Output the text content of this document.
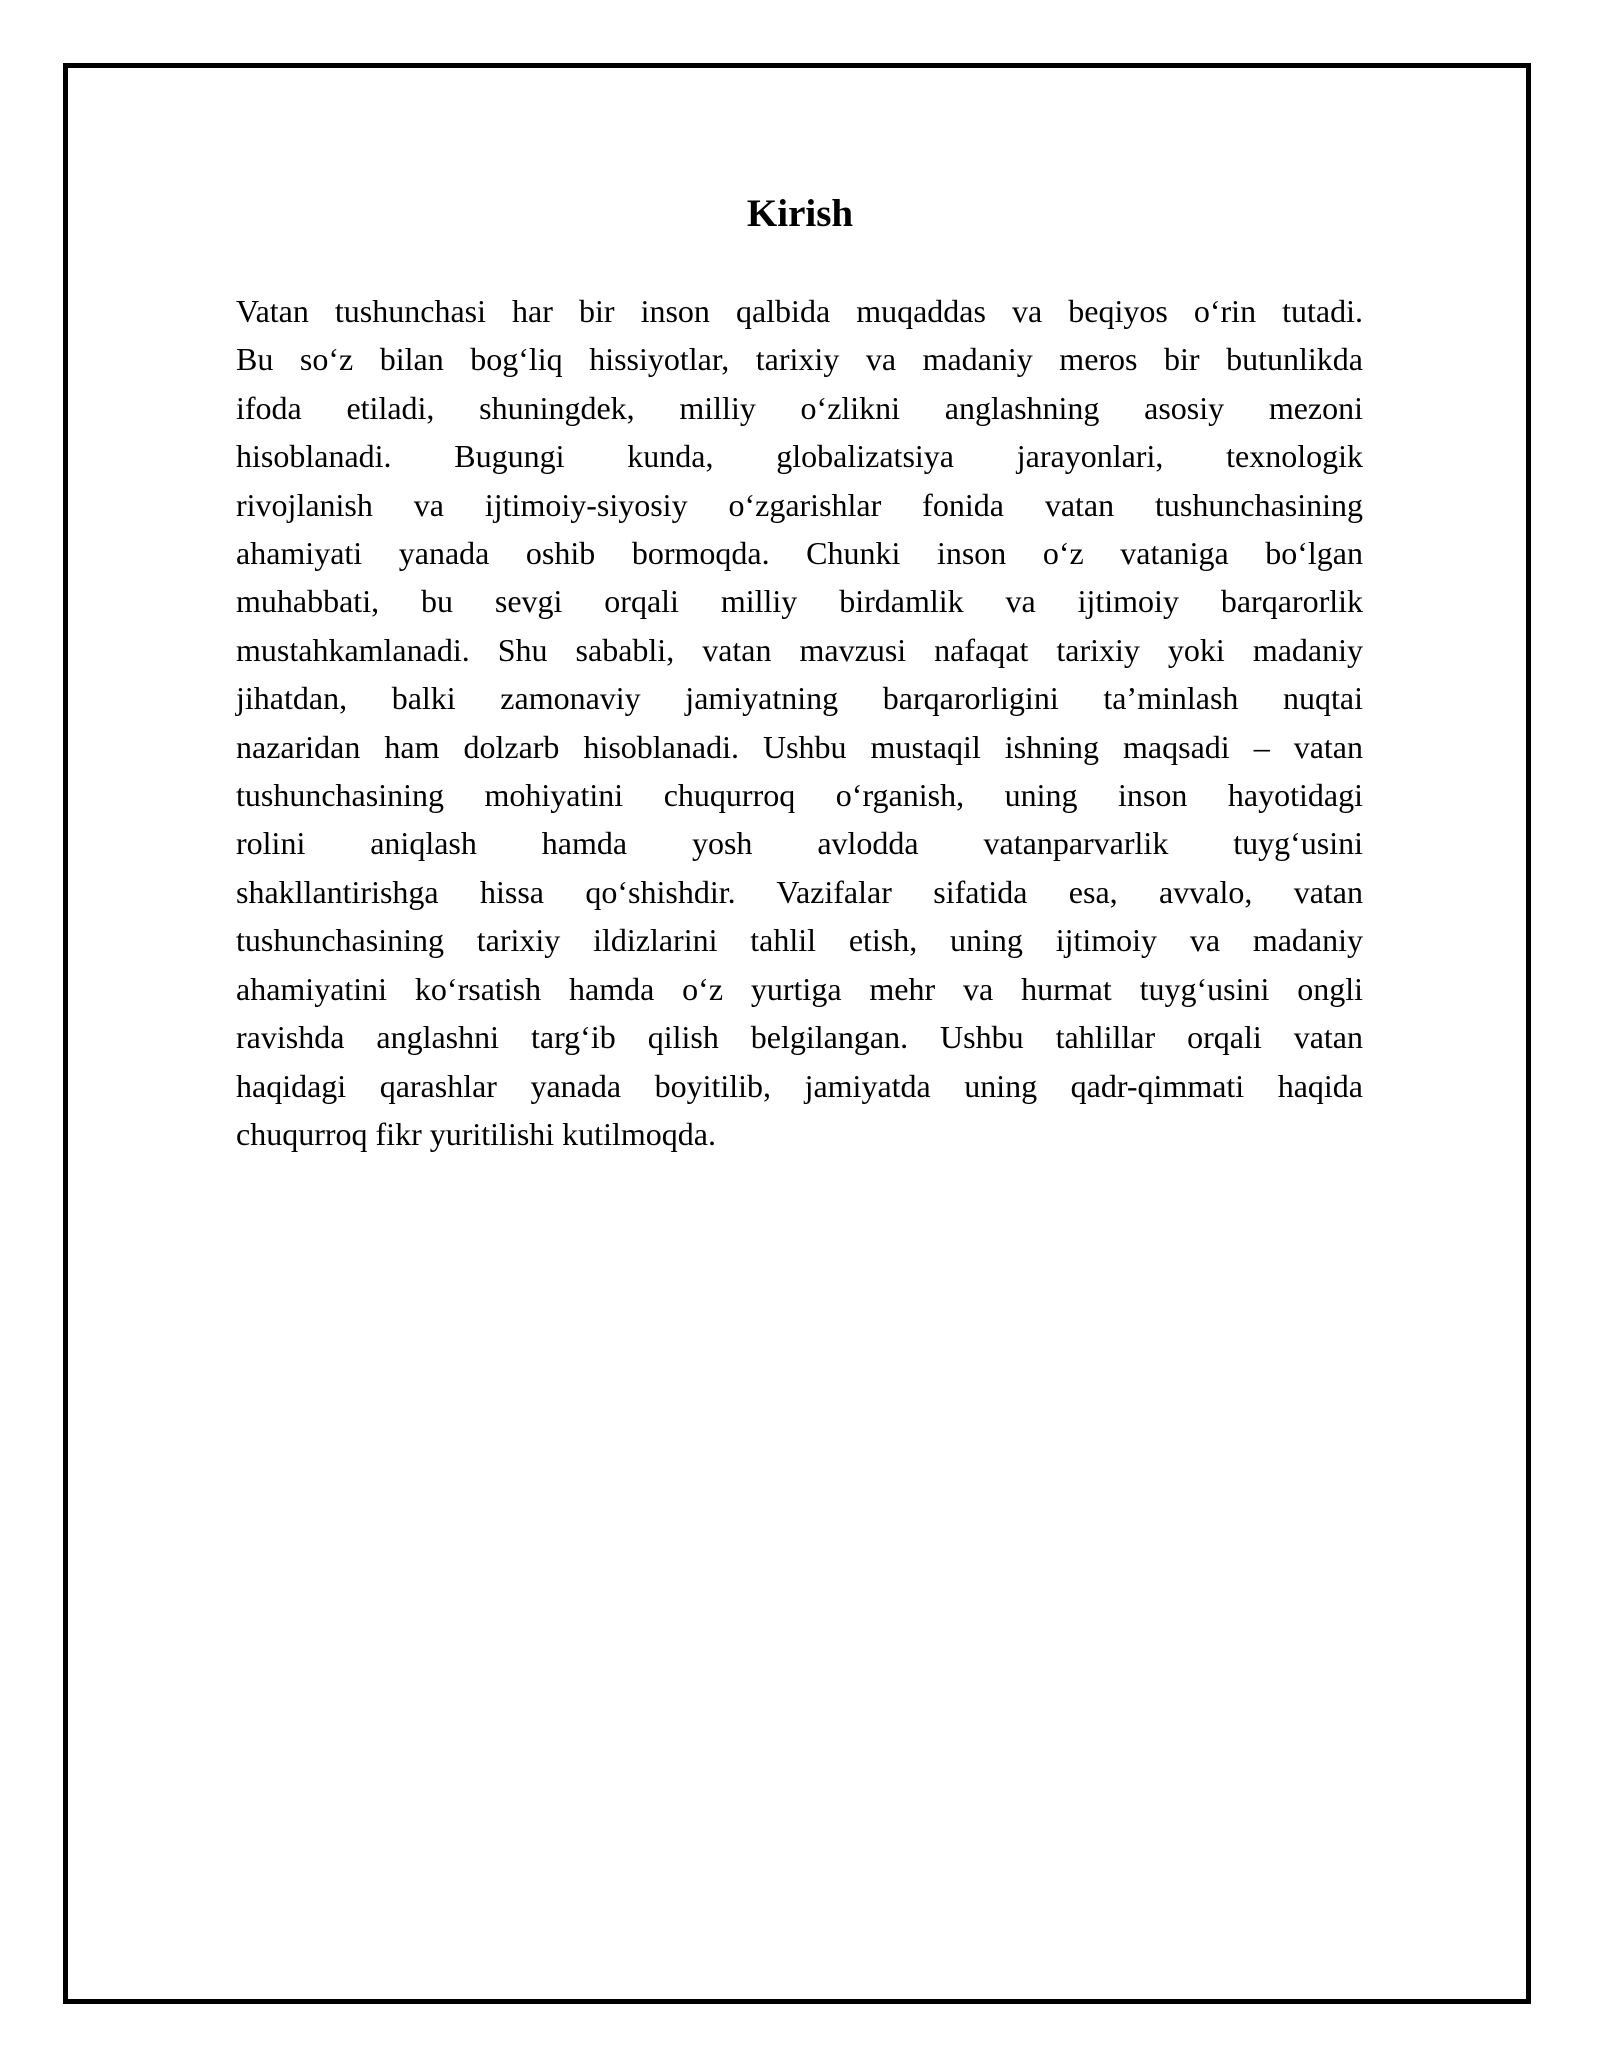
Kirish

Vatan tushunchasi har bir inson qalbida muqaddas va beqiyos o‘rin tutadi.
Bu so‘z bilan bog‘liq hissiyotlar, tarixiy va madaniy meros bir butunlikda
ifoda etiladi, shuningdek, milliy o‘zlikni anglashning asosiy mezoni
hisoblanadi. Bugungi kunda, globalizatsiya jarayonlari, texnologik
rivojlanish va ijtimoiy-siyosiy o‘zgarishlar fonida vatan tushunchasining
ahamiyati yanada oshib bormoqda. Chunki inson o‘z vataniga bo‘lgan
muhabbati, bu sevgi orqali milliy birdamlik va ijtimoiy barqarorlik
mustahkamlanadi. Shu sababli, vatan mavzusi nafaqat tarixiy yoki madaniy
jihatdan, balki zamonaviy jamiyatning barqarorligini ta’minlash nuqtai
nazaridan ham dolzarb hisoblanadi. Ushbu mustaqil ishning maqsadi – vatan
tushunchasining mohiyatini chuqurroq o‘rganish, uning inson hayotidagi
rolini aniqlash hamda yosh avlodda vatanparvarlik tuyg‘usini
shakllantirishga hissa qo‘shishdir. Vazifalar sifatida esa, avvalo, vatan
tushunchasining tarixiy ildizlarini tahlil etish, uning ijtimoiy va madaniy
ahamiyatini ko‘rsatish hamda o‘z yurtiga mehr va hurmat tuyg‘usini ongli
ravishda anglashni targ‘ib qilish belgilangan. Ushbu tahlillar orqali vatan
haqidagi qarashlar yanada boyitilib, jamiyatda uning qadr-qimmati haqida
chuqurroq fikr yuritilishi kutilmoqda.
